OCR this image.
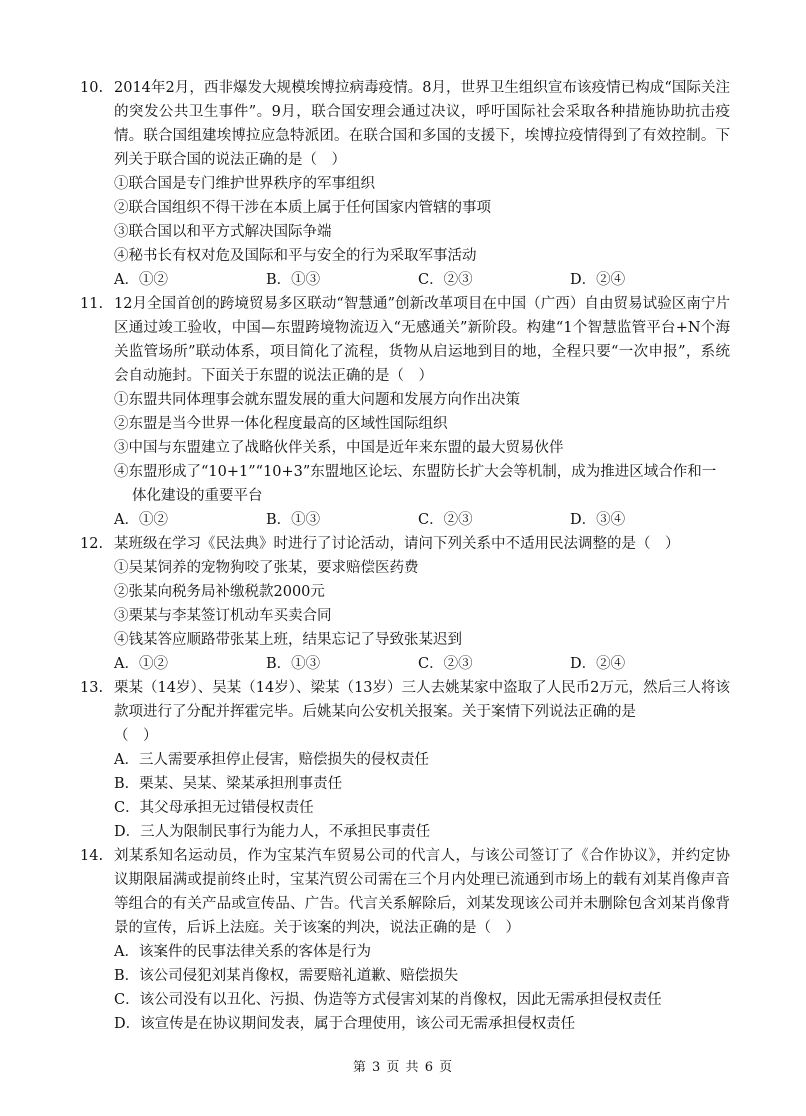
10. 2014年2月，西非爆发大规模埃博拉病毒疫情。8月，世界卫生组织宣布该疫情已构成“国际关注的突发公共卫生事件”。9月，联合国安理会通过决议，呼吁国际社会采取各种措施协助抗击疫情。联合国组建埃博拉应急特派团。在联合国和多国的支援下，埃博拉疫情得到了有效控制。下列关于联合国的说法正确的是（　）
①联合国是专门维护世界秩序的军事组织
②联合国组织不得干涉在本质上属于任何国家内管辖的事项
③联合国以和平方式解决国际争端
④秘书长有权对危及国际和平与安全的行为采取军事活动
A．①②	B．①③	C．②③	D．②④
11. 12月全国首创的跨境贸易多区联动“智慧通”创新改革项目在中国（广西）自由贸易试验区南宁片区通过竣工验收，中国—东盟跨境物流迈入“无感通关”新阶段。构建“1个智慧监管平台+N个海关监管场所”联动体系，项目简化了流程，货物从启运地到目的地，全程只要“一次申报”，系统会自动施封。下面关于东盟的说法正确的是（　）
①东盟共同体理事会就东盟发展的重大问题和发展方向作出决策
②东盟是当今世界一体化程度最高的区域性国际组织
③中国与东盟建立了战略伙伴关系，中国是近年来东盟的最大贸易伙伴
④东盟形成了“10+1”“10+3”东盟地区论坛、东盟防长扩大会等机制，成为推进区域合作和一体化建设的重要平台
A．①②	B．①③	C．②③	D．③④
12. 某班级在学习《民法典》时进行了讨论活动，请问下列关系中不适用民法调整的是（　）
①吴某饲养的宠物狗咬了张某，要求赔偿医药费
②张某向税务局补缴税款2000元
③栗某与李某签订机动车买卖合同
④钱某答应顺路带张某上班，结果忘记了导致张某迟到
A．①②	B．①③	C．②③	D．②④
13. 栗某（14岁）、吴某（14岁）、梁某（13岁）三人去姚某家中盗取了人民币2万元，然后三人将该款项进行了分配并挥霍完毕。后姚某向公安机关报案。关于案情下列说法正确的是
（　）
A．三人需要承担停止侵害，赔偿损失的侵权责任
B．栗某、吴某、梁某承担刑事责任
C．其父母承担无过错侵权责任
D．三人为限制民事行为能力人，不承担民事责任
14. 刘某系知名运动员，作为宝某汽车贸易公司的代言人，与该公司签订了《合作协议》，并约定协议期限届满或提前终止时，宝某汽贸公司需在三个月内处理已流通到市场上的载有刘某肖像声音等组合的有关产品或宣传品、广告。代言关系解除后，刘某发现该公司并未删除包含刘某肖像背景的宣传，后诉上法庭。关于该案的判决，说法正确的是（　）
A．该案件的民事法律关系的客体是行为
B．该公司侵犯刘某肖像权，需要赔礼道歉、赔偿损失
C．该公司没有以丑化、污损、伪造等方式侵害刘某的肖像权，因此无需承担侵权责任
D．该宣传是在协议期间发表，属于合理使用，该公司无需承担侵权责任
第 3 页 共 6 页
